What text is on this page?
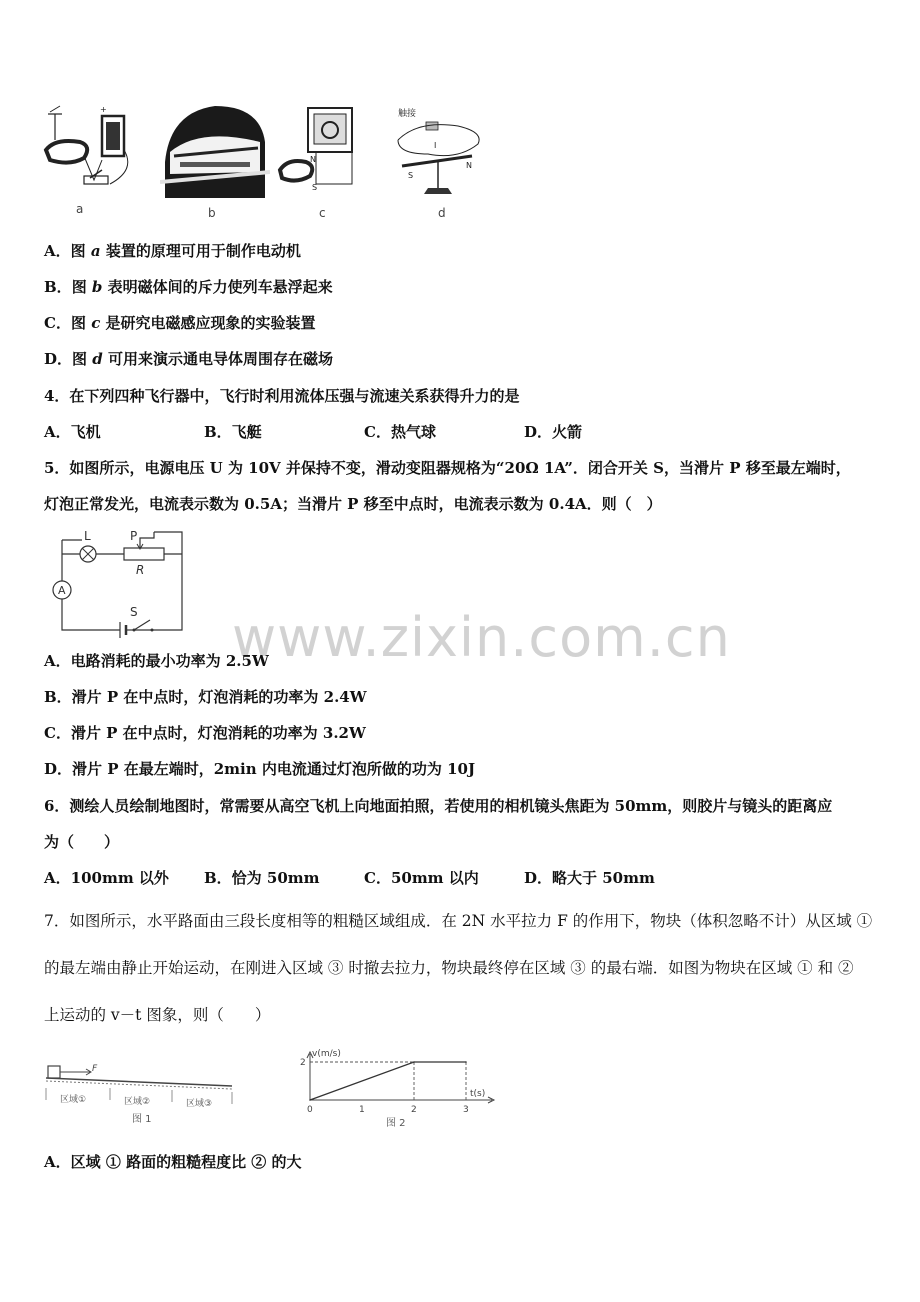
+
N
S
触接
S
N
I
a	b	c	d
A．图 a 装置的原理可用于制作电动机
B．图 b 表明磁体间的斥力使列车悬浮起来
C．图 c 是研究电磁感应现象的实验装置
D．图 d 可用来演示通电导体周围存在磁场
4．在下列四种飞行器中，飞行时利用流体压强与流速关系获得升力的是
A．飞机	B．飞艇	C．热气球	D．火箭
5．如图所示，电源电压 U 为 10V 并保持不变，滑动变阻器规格为“20Ω 1A”．闭合开关 S，当滑片 P 移至最左端时，
灯泡正常发光，电流表示数为 0.5A；当滑片 P 移至中点时，电流表示数为 0.4A．则（　）
L	P
R
A
S www.zixin.com.cn
A．电路消耗的最小功率为 2.5W
B．滑片 P 在中点时，灯泡消耗的功率为 2.4W
C．滑片 P 在中点时，灯泡消耗的功率为 3.2W
D．滑片 P 在最左端时，2min 内电流通过灯泡所做的功为 10J
6．测绘人员绘制地图时，常需要从高空飞机上向地面拍照，若使用的相机镜头焦距为 50mm，则胶片与镜头的距离应
为（　　）
A．100mm 以外 B．恰为 50mm	C．50mm 以内	D．略大于 50mm
7．如图所示，水平路面由三段长度相等的粗糙区域组成．在 2N 水平拉力 F 的作用下，物块（体积忽略不计）从区域 ①
的最左端由静止开始运动，在刚进入区域 ③ 时撤去拉力，物块最终停在区域 ③ 的最右端．如图为物块在区域 ① 和 ②
上运动的 v－t 图象，则（　　）
F
区域①	区域②	区域③
图 1
v(m/s)
t(s)
0	1	2	3
2
图 2
A．区域 ① 路面的粗糙程度比 ② 的大
